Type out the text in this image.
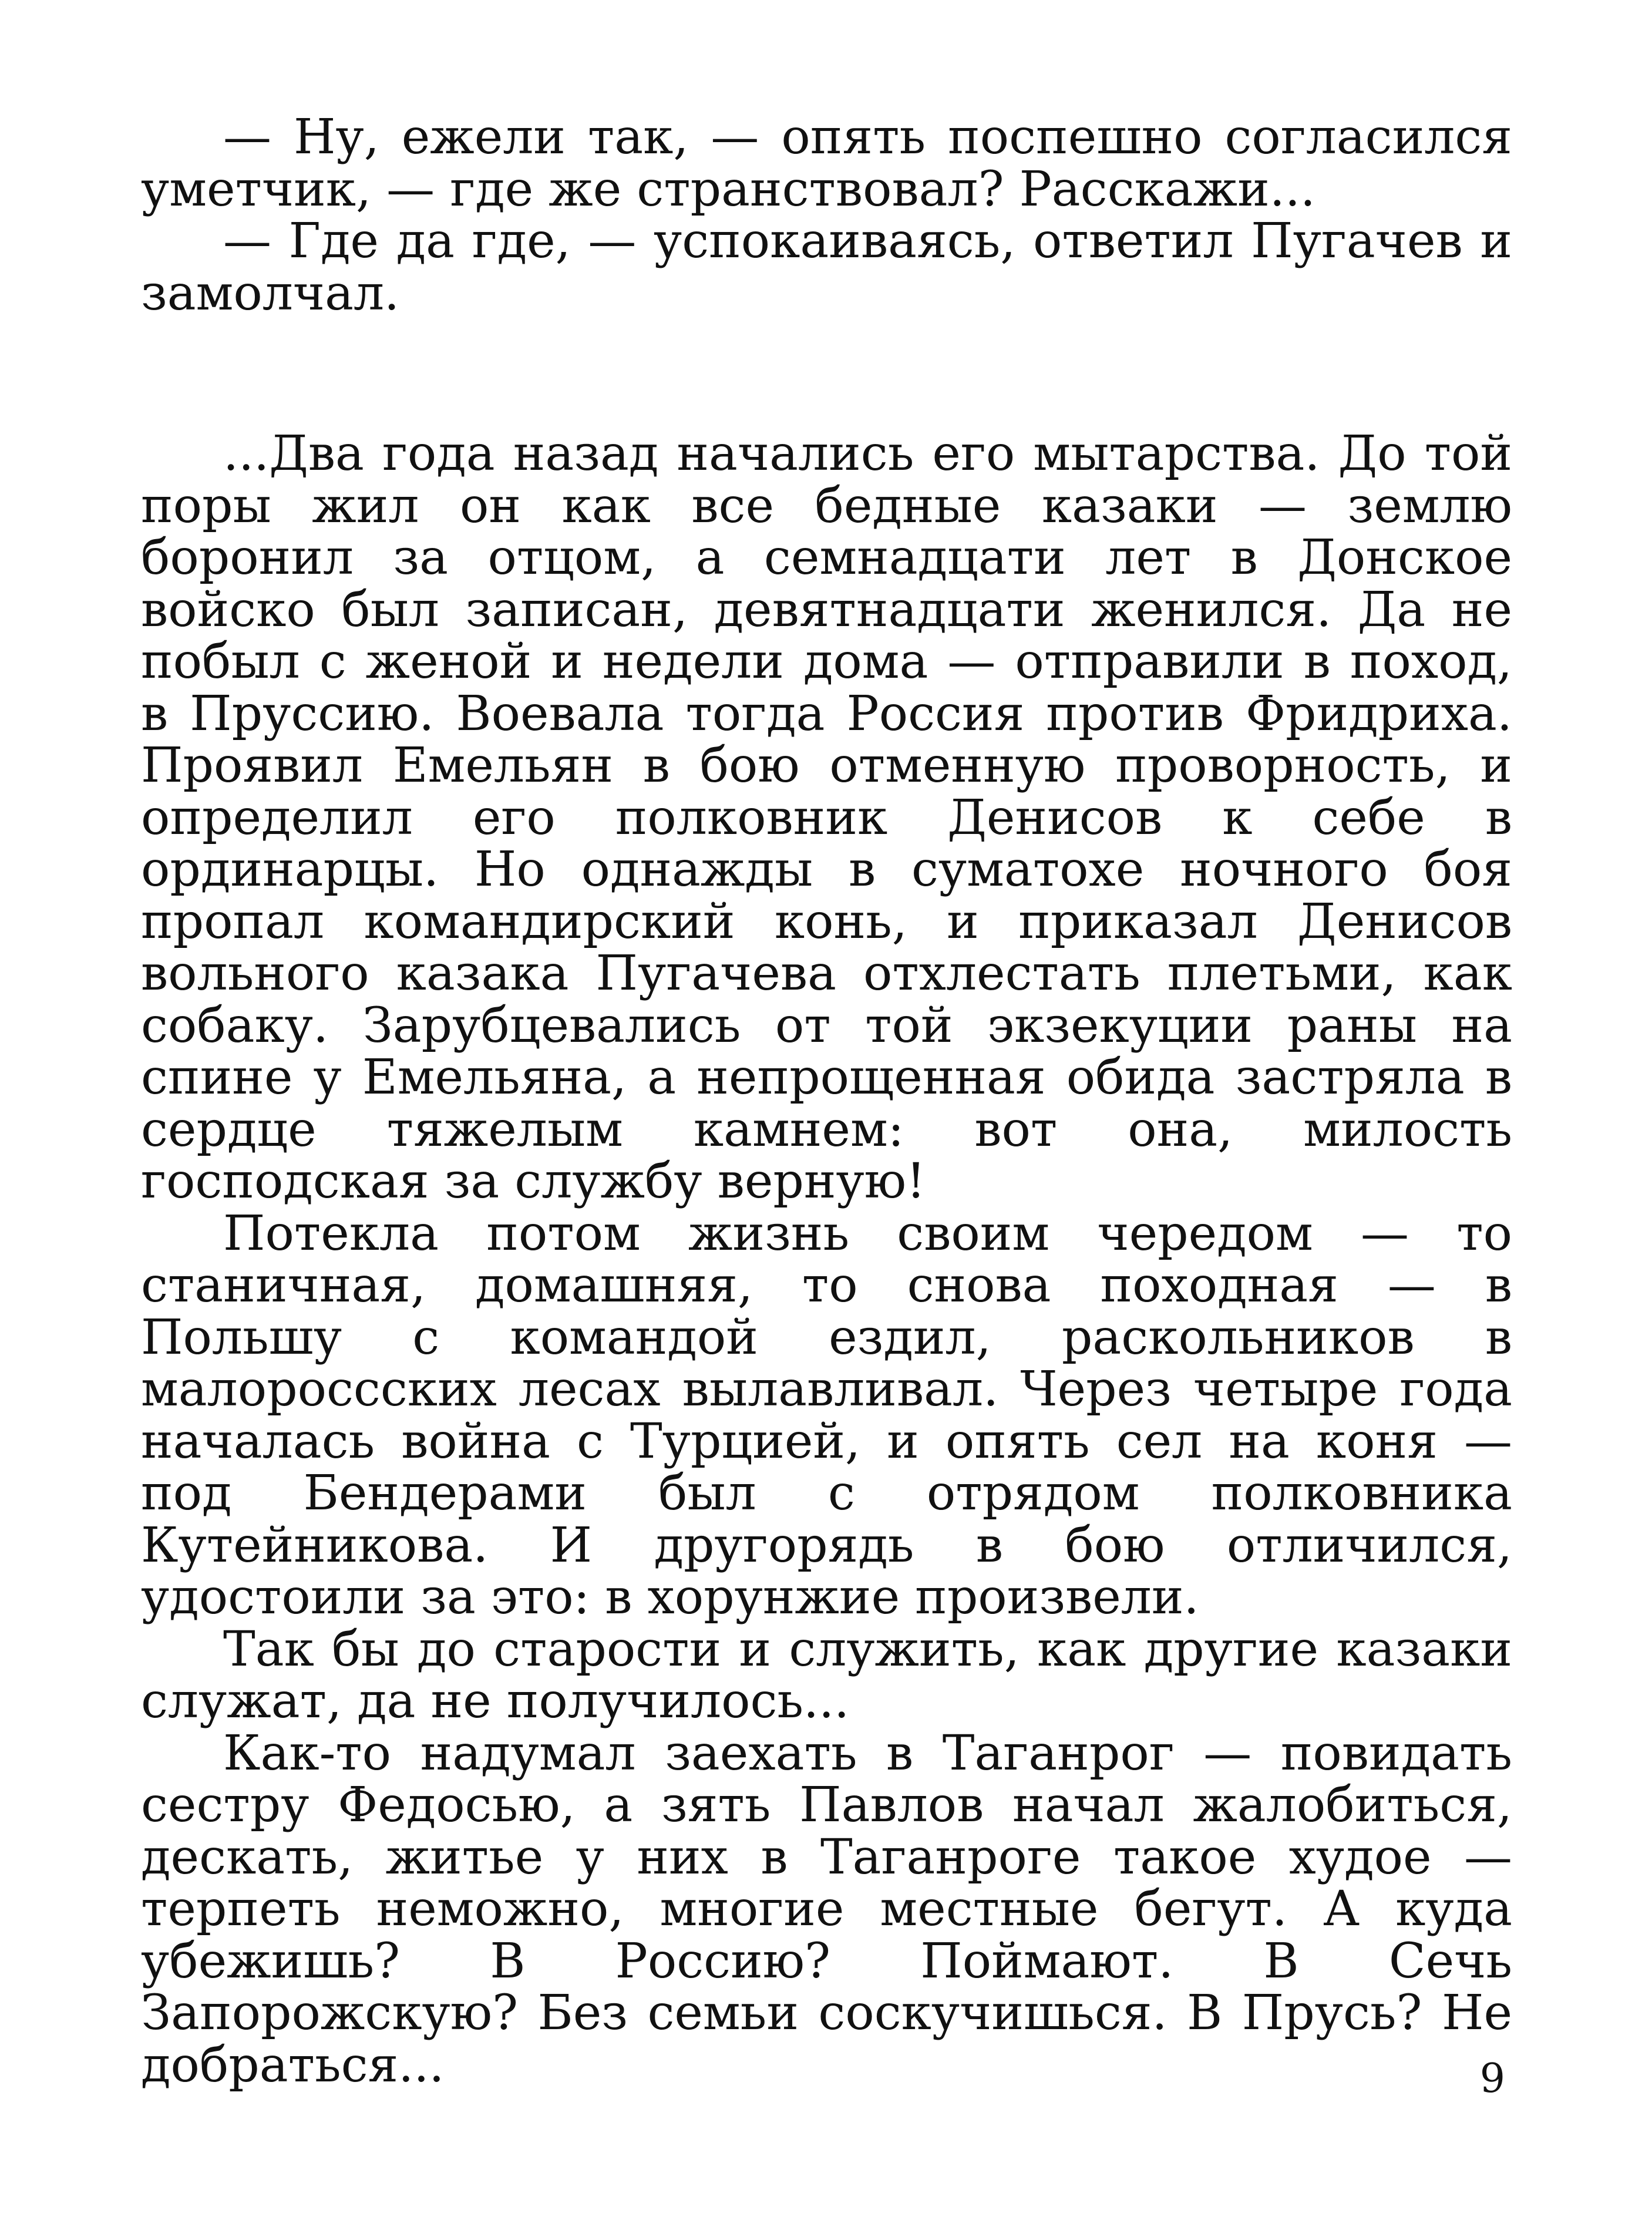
— Ну, ежели так, — опять поспешно согласился уметчик, — где же странствовал? Расскажи...

— Где да где, — успокаиваясь, ответил Пугачев и замолчал.

...Два года назад начались его мытарства. До той поры жил он как все бедные казаки — землю боронил за отцом, а семнадцати лет в Донское войско был записан, девятнадцати женился. Да не побыл с женой и недели дома — отправили в поход, в Пруссию. Воевала тогда Россия против Фридриха. Проявил Емельян в бою отменную проворность, и определил его полковник Денисов к себе в ординарцы. Но однажды в суматохе ночного боя пропал командирский конь, и приказал Денисов вольного казака Пугачева отхлестать плетьми, как собаку. Зарубцевались от той экзекуции раны на спине у Емельяна, а непрощенная обида застряла в сердце тяжелым камнем: вот она, милость господская за службу верную!

Потекла потом жизнь своим чередом — то станичная, домашняя, то снова походная — в Польшу с командой ездил, раскольников в малороссских лесах вылавливал. Через четыре года началась война с Турцией, и опять сел на коня — под Бендерами был с отрядом полковника Кутейникова. И другорядь в бою отличился, удостоили за это: в хорунжие произвели.

Так бы до старости и служить, как другие казаки служат, да не получилось...

Как-то надумал заехать в Таганрог — повидать сестру Федосью, а зять Павлов начал жалобиться, дескать, житье у них в Таганроге такое худое — терпеть неможно, многие местные бегут. А куда убежишь? В Россию? Поймают. В Сечь Запорожскую? Без семьи соскучишься. В Прусь? Не добраться...	9
